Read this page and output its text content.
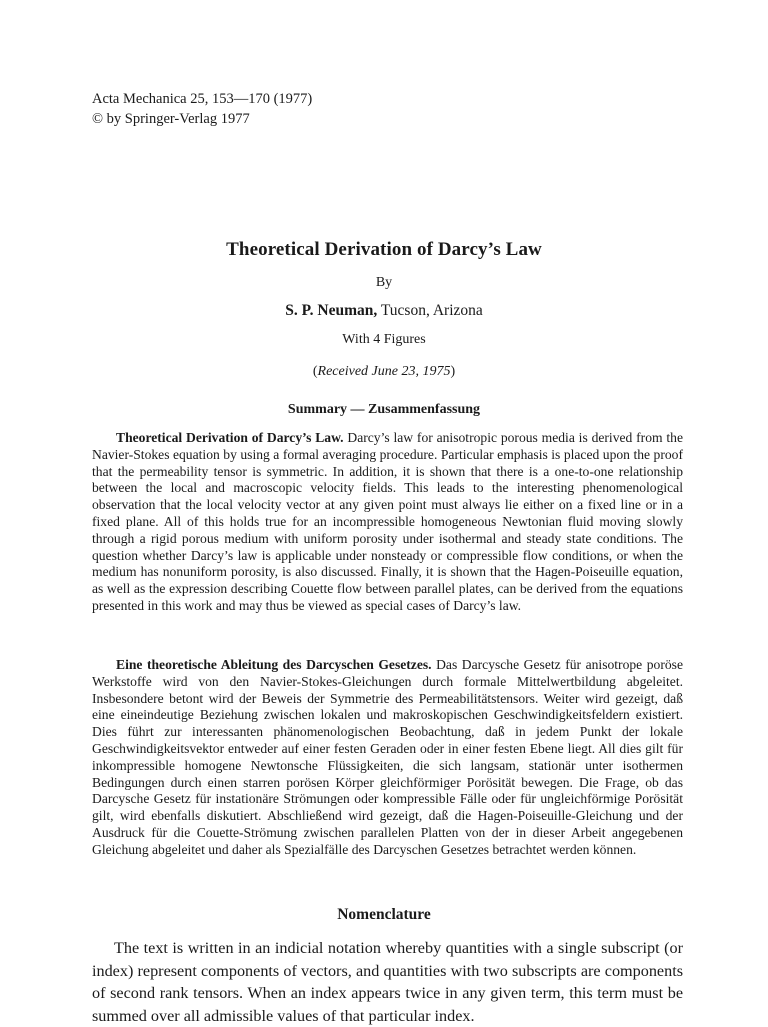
Acta Mechanica 25, 153—170 (1977)
© by Springer-Verlag 1977
Theoretical Derivation of Darcy’s Law
By
S. P. Neuman, Tucson, Arizona
With 4 Figures
(Received June 23, 1975)
Summary — Zusammenfassung

Theoretical Derivation of Darcy’s Law. Darcy’s law for anisotropic porous media is derived from the Navier-Stokes equation by using a formal averaging procedure. Particular emphasis is placed upon the proof that the permeability tensor is symmetric. In addition, it is shown that there is a one-to-one relationship between the local and macroscopic velocity fields. This leads to the interesting phenomenological observation that the local velocity vector at any given point must always lie either on a fixed line or in a fixed plane. All of this holds true for an incompressible homogeneous Newtonian fluid moving slowly through a rigid porous medium with uniform porosity under isothermal and steady state conditions. The question whether Darcy’s law is applicable under nonsteady or compressible flow conditions, or when the medium has nonuniform porosity, is also discussed. Finally, it is shown that the Hagen-Poiseuille equation, as well as the expression describing Couette flow between parallel plates, can be derived from the equations presented in this work and may thus be viewed as special cases of Darcy’s law.

Eine theoretische Ableitung des Darcyschen Gesetzes. Das Darcysche Gesetz für anisotrope poröse Werkstoffe wird von den Navier-Stokes-Gleichungen durch formale Mittelwertbildung abgeleitet. Insbesondere betont wird der Beweis der Symmetrie des Permeabilitätstensors. Weiter wird gezeigt, daß eine eineindeutige Beziehung zwischen lokalen und makroskopischen Geschwindigkeitsfeldern existiert. Dies führt zur interessanten phänomenologischen Beobachtung, daß in jedem Punkt der lokale Geschwindigkeitsvektor entweder auf einer festen Geraden oder in einer festen Ebene liegt. All dies gilt für inkompressible homogene Newtonsche Flüssigkeiten, die sich langsam, stationär unter isothermen Bedingungen durch einen starren porösen Körper gleichförmiger Porösität bewegen. Die Frage, ob das Darcysche Gesetz für instationäre Strömungen oder kompressible Fälle oder für ungleichförmige Porösität gilt, wird ebenfalls diskutiert. Abschließend wird gezeigt, daß die Hagen-Poiseuille-Gleichung und der Ausdruck für die Couette-Strömung zwischen parallelen Platten von der in dieser Arbeit angegebenen Gleichung abgeleitet und daher als Spezialfälle des Darcyschen Gesetzes betrachtet werden können.

Nomenclature

The text is written in an indicial notation whereby quantities with a single subscript (or index) represent components of vectors, and quantities with two subscripts are components of second rank tensors. When an index appears twice in any given term, this term must be summed over all admissible values of that particular index.
